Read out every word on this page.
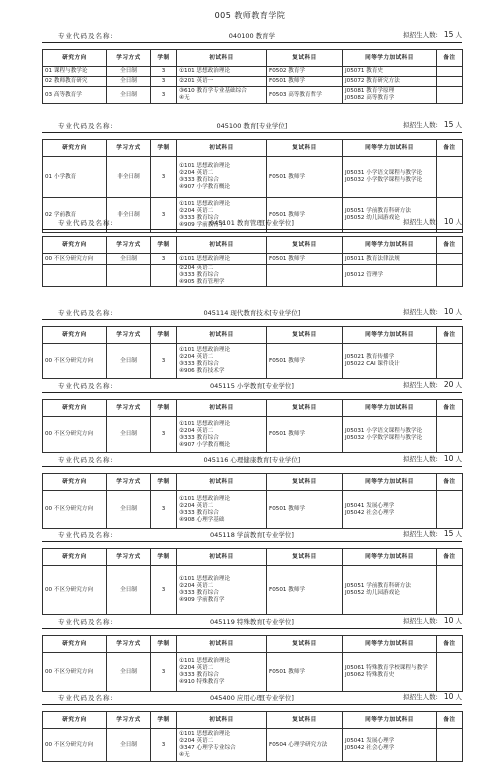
005 教师教育学院
专业代码及名称:	040100 教育学	拟招生人数: 15 人
研究方向	学习方式	学制	初试科目	复试科目	同等学力加试科目	备注
01 课程与教学论	全日制	3	①101 思想政治理论	F0502 教育学	J05071 教育史	
02 教师教育研究	全日制	3	②201 英语一	F0501 教师学	J05072 教育研究方法	
03 高等教育学	全日制	3	③610 教育学专业基础综合
④无	F0503 高等教育哲学	J05081 教育学原理
J05082 高等教育学	
专业代码及名称:	045100 教育[专业学位]	拟招生人数: 15 人
研究方向	学习方式	学制	初试科目	复试科目	同等学力加试科目	备注
01 小学教育	非全日制	3	①101 思想政治理论
②204 英语二
③333 教育综合
④907 小学教育概论	F0501 教师学	J05031 小学语文课程与教学论
J05032 小学数学课程与教学论	
02 学前教育	非全日制	3	①101 思想政治理论
②204 英语二
③333 教育综合
④909 学前教育学	F0501 教师学	J05051 学前教育科研方法
J05052 幼儿园游戏论	
专业代码及名称:	045101 教育管理[专业学位]	拟招生人数: 10 人
研究方向	学习方式	学制	初试科目	复试科目	同等学力加试科目	备注
00 不区分研究方向	全日制	3	①101 思想政治理论	F0501 教师学	J05011 教育法律法规	
			②204 英语二
③333 教育综合
④905 教育管理学		J05012 管理学	
专业代码及名称:	045114 现代教育技术[专业学位]	拟招生人数: 10 人
研究方向	学习方式	学制	初试科目	复试科目	同等学力加试科目	备注
00 不区分研究方向	全日制	3	①101 思想政治理论
②204 英语二
③333 教育综合
④906 教育技术学	F0501 教师学	J05021 教育传播学
J05022 CAI 课件设计	
专业代码及名称:	045115 小学教育[专业学位]	拟招生人数: 20 人
研究方向	学习方式	学制	初试科目	复试科目	同等学力加试科目	备注
00 不区分研究方向	全日制	3	①101 思想政治理论
②204 英语二
③333 教育综合
④907 小学教育概论	F0501 教师学	J05031 小学语文课程与教学论
J05032 小学数学课程与教学论	
专业代码及名称:	045116 心理健康教育[专业学位]	拟招生人数: 10 人
研究方向	学习方式	学制	初试科目	复试科目	同等学力加试科目	备注
00 不区分研究方向	全日制	3	①101 思想政治理论
②204 英语二
③333 教育综合
④908 心理学基础	F0501 教师学	J05041 发展心理学
J05042 社会心理学	
专业代码及名称:	045118 学前教育[专业学位]	拟招生人数: 15 人
研究方向	学习方式	学制	初试科目	复试科目	同等学力加试科目	备注
00 不区分研究方向	全日制	3	①101 思想政治理论
②204 英语二
③333 教育综合
④909 学前教育学	F0501 教师学	J05051 学前教育科研方法
J05052 幼儿园游戏论	
专业代码及名称:	045119 特殊教育[专业学位]	拟招生人数: 10 人
研究方向	学习方式	学制	初试科目	复试科目	同等学力加试科目	备注
00 不区分研究方向	全日制	3	①101 思想政治理论
②204 英语二
③333 教育综合
④910 特殊教育学	F0501 教师学	J05061 特殊教育学校课程与教学
J05062 特殊教育史	
专业代码及名称:	045400 应用心理[专业学位]	拟招生人数: 10 人
研究方向	学习方式	学制	初试科目	复试科目	同等学力加试科目	备注
00 不区分研究方向	全日制	3	①101 思想政治理论
②204 英语二
③347 心理学专业综合
④无	F0504 心理学研究方法	J05041 发展心理学
J05042 社会心理学	
